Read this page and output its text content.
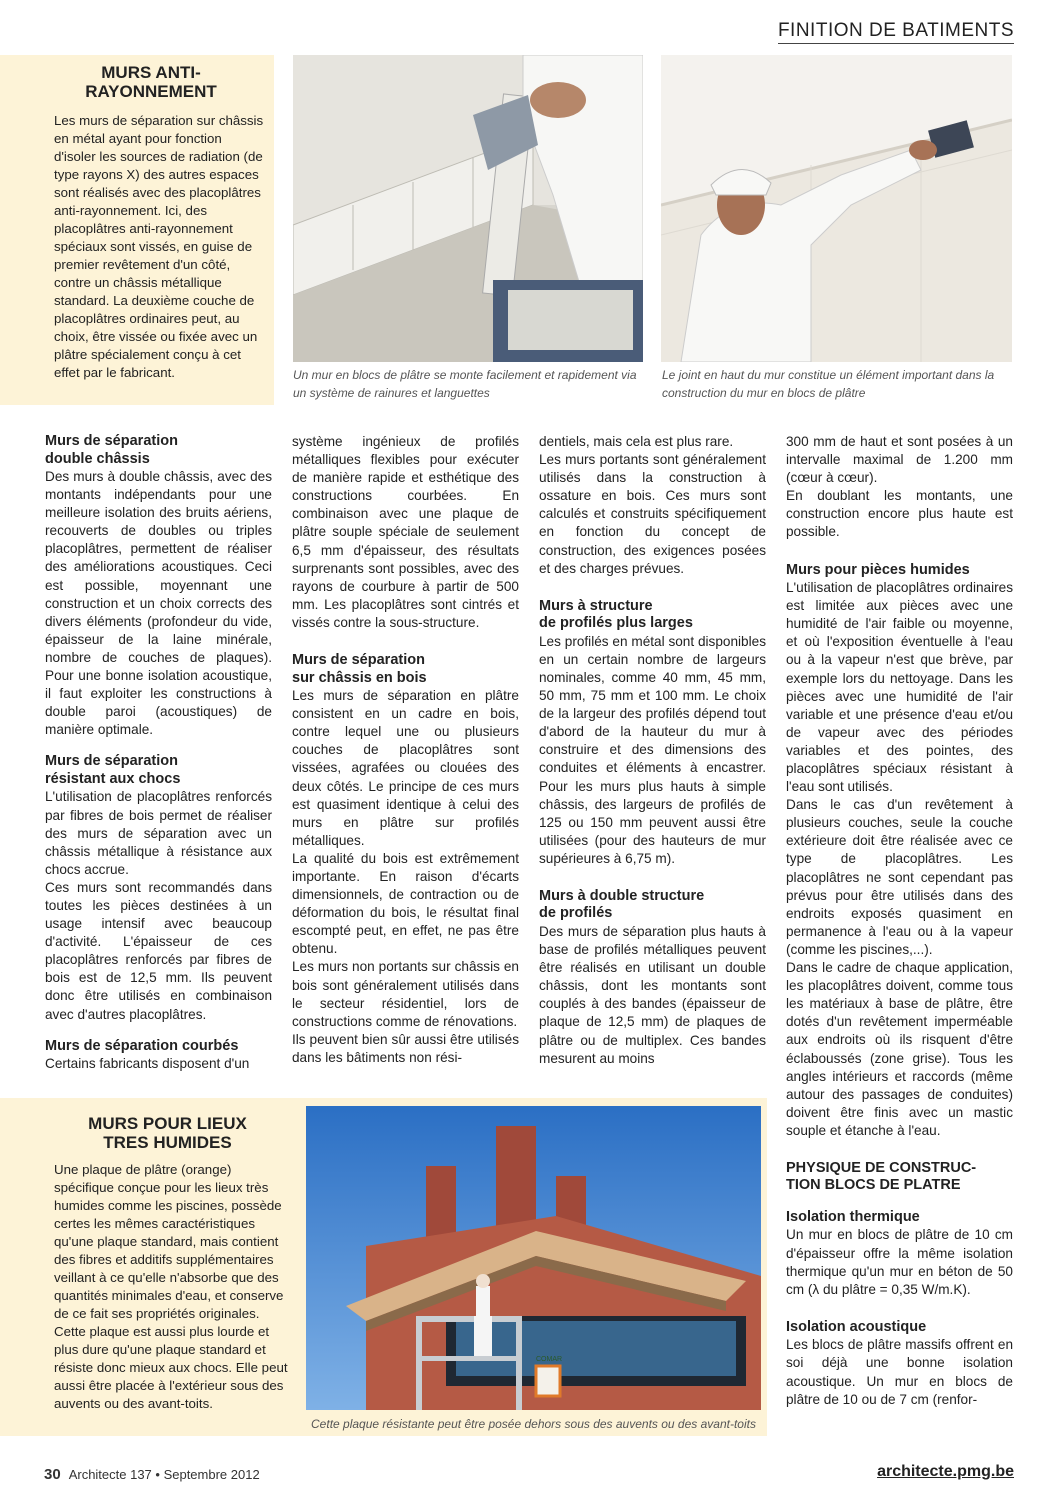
FINITION DE BATIMENTS
MURS ANTI-
RAYONNEMENT
Les murs de séparation sur châssis en métal ayant pour fonction d'isoler les sources de radiation (de type rayons X) des autres espaces sont réalisés avec des placoplâtres anti-rayonnement. Ici, des placoplâtres anti-rayonnement spéciaux sont vissés, en guise de premier revêtement d'un côté, contre un châssis métallique standard. La deuxième couche de placoplâtres ordinaires peut, au choix, être vissée ou fixée avec un plâtre spécialement conçu à cet effet par le fabricant.	Un mur en blocs de plâtre se monte facilement et rapidement via un système de rainures et languettes
Le joint en haut du mur constitue un élément important dans la construction du mur en blocs de plâtre
Murs de séparation
double châssis

Des murs à double châssis, avec des montants indépendants pour une meilleure isolation des bruits aériens, recouverts de doubles ou triples placoplâtres, permettent de réaliser des améliorations acoustiques. Ceci est possible, moyennant une construction et un choix corrects des divers éléments (profondeur du vide, épaisseur de la laine minérale, nombre de couches de plaques). Pour une bonne isolation acoustique, il faut exploiter les constructions à double paroi (acoustiques) de manière optimale.

Murs de séparation
résistant aux chocs

L'utilisation de placoplâtres renforcés par fibres de bois permet de réaliser des murs de séparation avec un châssis métallique à résistance aux chocs accrue.

Ces murs sont recommandés dans toutes les pièces destinées à un usage intensif avec beaucoup d'activité. L'épaisseur de ces placoplâtres renforcés par fibres de bois est de 12,5 mm. Ils peuvent donc être utilisés en combinaison avec d'autres placoplâtres.

Murs de séparation courbés

Certains fabricants disposent d'un

système ingénieux de profilés métalliques flexibles pour exécuter de manière rapide et esthétique des constructions courbées. En combinaison avec une plaque de plâtre souple spéciale de seulement 6,5 mm d'épaisseur, des résultats surprenants sont possibles, avec des rayons de courbure à partir de 500 mm. Les placoplâtres sont cintrés et vissés contre la sous-structure.

Murs de séparation
sur châssis en bois

Les murs de séparation en plâtre consistent en un cadre en bois, contre lequel une ou plusieurs couches de placoplâtres sont vissées, agrafées ou clouées des deux côtés. Le principe de ces murs est quasiment identique à celui des murs en plâtre sur profilés métalliques.

La qualité du bois est extrêmement importante. En raison d'écarts dimensionnels, de contraction ou de déformation du bois, le résultat final escompté peut, en effet, ne pas être obtenu.

Les murs non portants sur châssis en bois sont généralement utilisés dans le secteur résidentiel, lors de constructions comme de rénovations.

Ils peuvent bien sûr aussi être utilisés dans les bâtiments non rési-

dentiels, mais cela est plus rare.

Les murs portants sont généralement utilisés dans la construction à ossature en bois. Ces murs sont calculés et construits spécifiquement en fonction du concept de construction, des exigences posées et des charges prévues.

Murs à structure
de profilés plus larges

Les profilés en métal sont disponibles en un certain nombre de largeurs nominales, comme 40 mm, 45 mm, 50 mm, 75 mm et 100 mm. Le choix de la largeur des profilés dépend tout d'abord de la hauteur du mur à construire et des dimensions des conduites et éléments à encastrer. Pour les murs plus hauts à simple châssis, des largeurs de profilés de 125 ou 150 mm peuvent aussi être utilisées (pour des hauteurs de mur supérieures à 6,75 m).

Murs à double structure
de profilés

Des murs de séparation plus hauts à base de profilés métalliques peuvent être réalisés en utilisant un double châssis, dont les montants sont couplés à des bandes (épaisseur de plaque de 12,5 mm) de plaques de plâtre ou de multiplex. Ces bandes mesurent au moins

300 mm de haut et sont posées à un intervalle maximal de 1.200 mm (cœur à cœur).

En doublant les montants, une construction encore plus haute est possible.

Murs pour pièces humides

L'utilisation de placoplâtres ordinaires est limitée aux pièces avec une humidité de l'air faible ou moyenne, et où l'exposition éventuelle à l'eau ou à la vapeur n'est que brève, par exemple lors du nettoyage. Dans les pièces avec une humidité de l'air variable et une présence d'eau et/ou de vapeur avec des périodes variables et des pointes, des placoplâtres spéciaux résistant à l'eau sont utilisés.

Dans le cas d'un revêtement à plusieurs couches, seule la couche extérieure doit être réalisée avec ce type de placoplâtres. Les placoplâtres ne sont cependant pas prévus pour être utilisés dans des endroits exposés quasiment en permanence à l'eau ou à la vapeur (comme les piscines,...).

Dans le cadre de chaque application, les placoplâtres doivent, comme tous les matériaux à base de plâtre, être dotés d'un revêtement imperméable aux endroits où ils risquent d'être éclaboussés (zone grise). Tous les angles intérieurs et raccords (même autour des passages de conduites) doivent être finis avec un mastic souple et étanche à l'eau.

PHYSIQUE DE CONSTRUC-
TION BLOCS DE PLATRE
Isolation thermique

Un mur en blocs de plâtre de 10 cm d'épaisseur offre la même isolation thermique qu'un mur en béton de 50 cm (λ du plâtre = 0,35 W/m.K).

Isolation acoustique

Les blocs de plâtre massifs offrent en soi déjà une bonne isolation acoustique. Un mur en blocs de plâtre de 10 ou de 7 cm (renfor-

MURS POUR LIEUX
TRES HUMIDES
Une plaque de plâtre (orange) spécifique conçue pour les lieux très humides comme les piscines, possède certes les mêmes caractéristiques qu'une plaque standard, mais contient des fibres et additifs supplémentaires veillant à ce qu'elle n'absorbe que des quantités minimales d'eau, et conserve de ce fait ses propriétés originales. Cette plaque est aussi plus lourde et plus dure qu'une plaque standard et résiste donc mieux aux chocs. Elle peut aussi être placée à l'extérieur sous des auvents ou des avant-toits.
COMAR
Cette plaque résistante peut être posée dehors sous des auvents ou des avant-toits
30 Architecte 137 • Septembre 2012	architecte.pmg.be
